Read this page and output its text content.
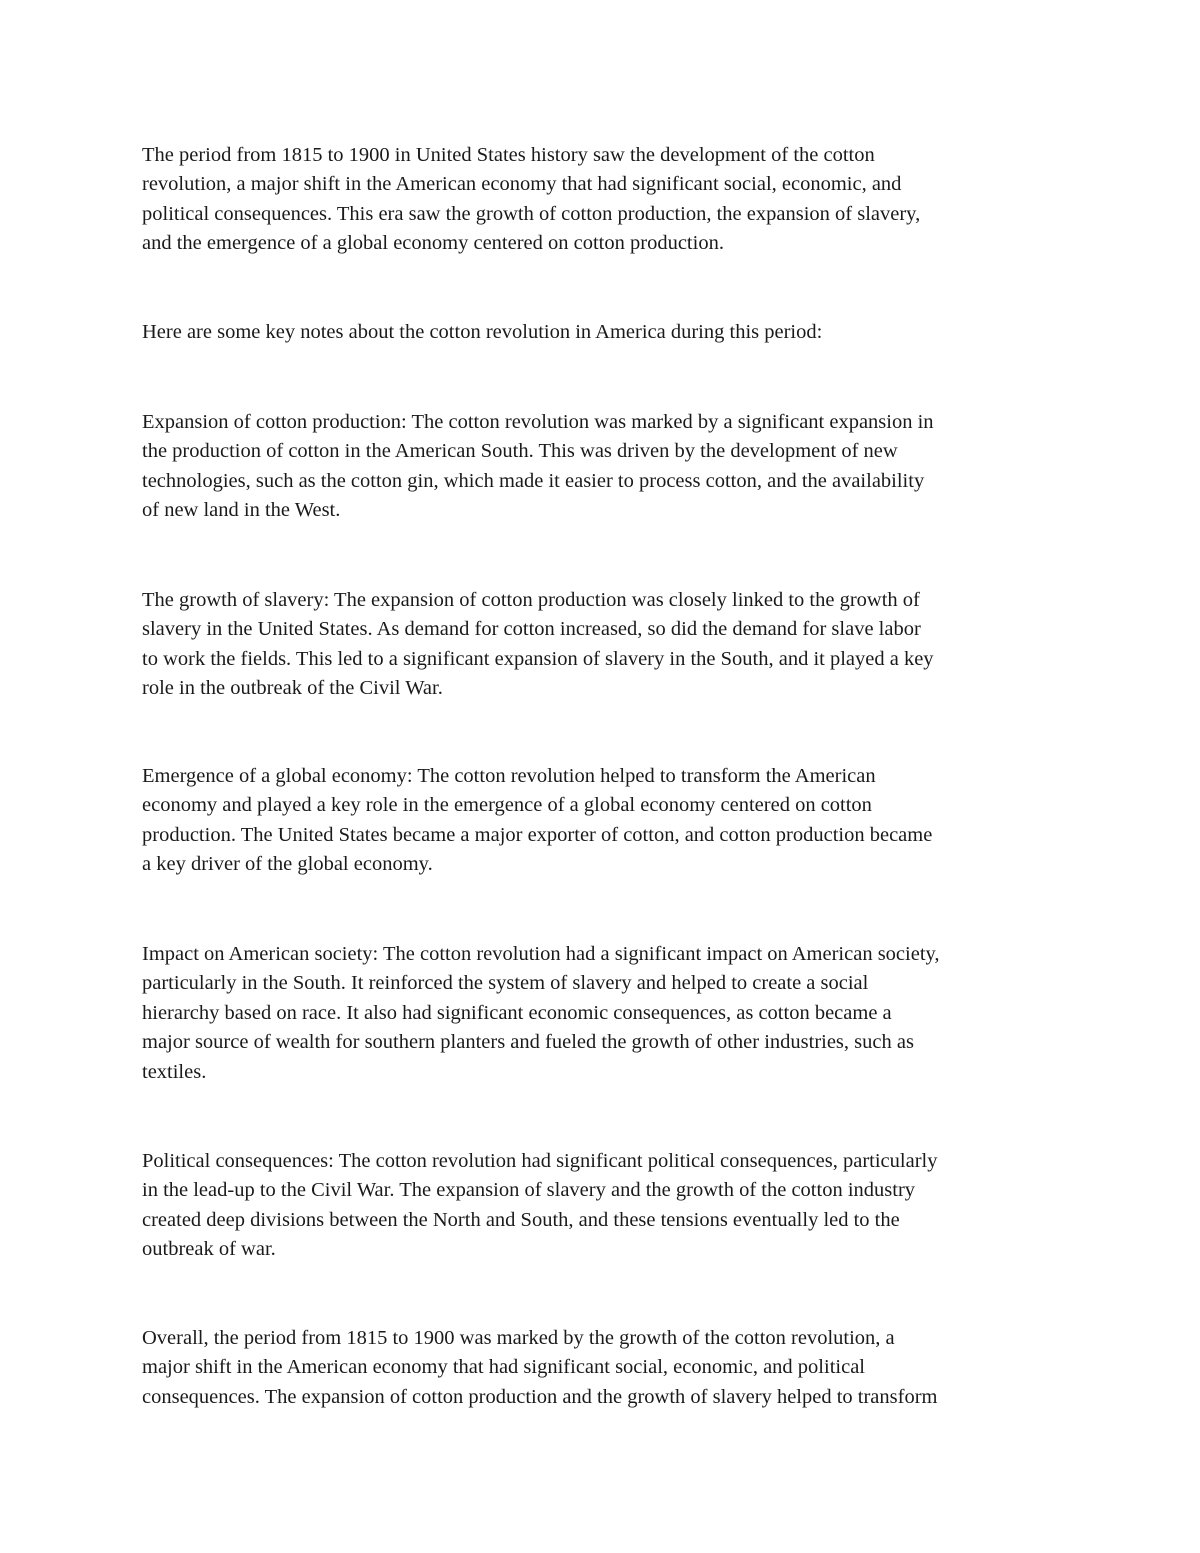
The period from 1815 to 1900 in United States history saw the development of the cotton
revolution, a major shift in the American economy that had significant social, economic, and
political consequences. This era saw the growth of cotton production, the expansion of slavery,
and the emergence of a global economy centered on cotton production.

Here are some key notes about the cotton revolution in America during this period:

Expansion of cotton production: The cotton revolution was marked by a significant expansion in
the production of cotton in the American South. This was driven by the development of new
technologies, such as the cotton gin, which made it easier to process cotton, and the availability
of new land in the West.

The growth of slavery: The expansion of cotton production was closely linked to the growth of
slavery in the United States. As demand for cotton increased, so did the demand for slave labor
to work the fields. This led to a significant expansion of slavery in the South, and it played a key
role in the outbreak of the Civil War.

Emergence of a global economy: The cotton revolution helped to transform the American
economy and played a key role in the emergence of a global economy centered on cotton
production. The United States became a major exporter of cotton, and cotton production became
a key driver of the global economy.

Impact on American society: The cotton revolution had a significant impact on American society,
particularly in the South. It reinforced the system of slavery and helped to create a social
hierarchy based on race. It also had significant economic consequences, as cotton became a
major source of wealth for southern planters and fueled the growth of other industries, such as
textiles.

Political consequences: The cotton revolution had significant political consequences, particularly
in the lead-up to the Civil War. The expansion of slavery and the growth of the cotton industry
created deep divisions between the North and South, and these tensions eventually led to the
outbreak of war.

Overall, the period from 1815 to 1900 was marked by the growth of the cotton revolution, a
major shift in the American economy that had significant social, economic, and political
consequences. The expansion of cotton production and the growth of slavery helped to transform
